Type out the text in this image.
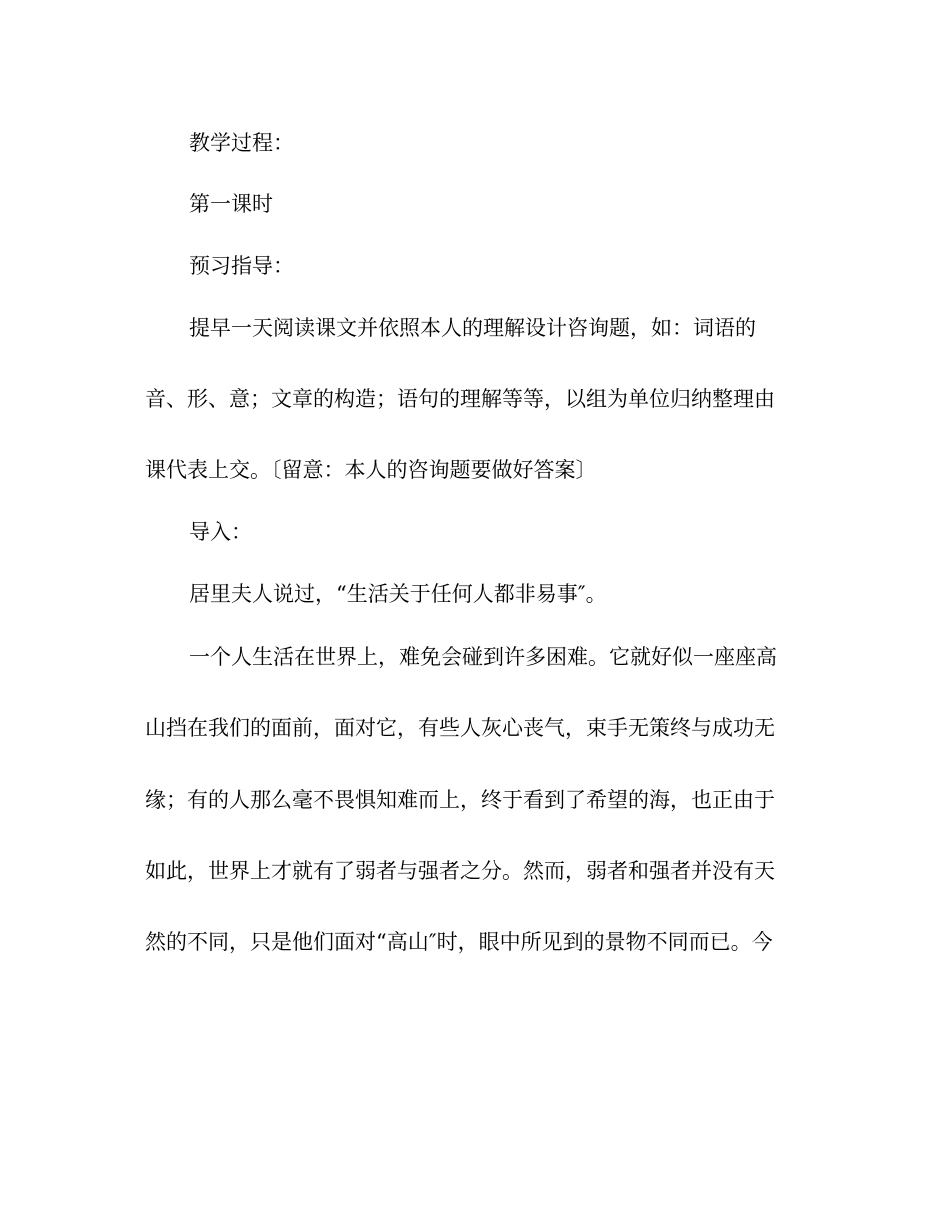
教学过程：
第一课时
预习指导：
提早一天阅读课文并依照本人的理解设计咨询题，如：词语的
音、形、意；文章的构造；语句的理解等等，以组为单位归纳整理由
课代表上交。〔留意：本人的咨询题要做好答案〕
导入：
居里夫人说过，“生活关于任何人都非易事″。
一个人生活在世界上，难免会碰到许多困难。它就好似一座座高
山挡在我们的面前，面对它，有些人灰心丧气，束手无策终与成功无
缘；有的人那么毫不畏惧知难而上，终于看到了希望的海，也正由于
如此，世界上才就有了弱者与强者之分。然而，弱者和强者并没有天
然的不同，只是他们面对“高山″时，眼中所见到的景物不同而已。今
